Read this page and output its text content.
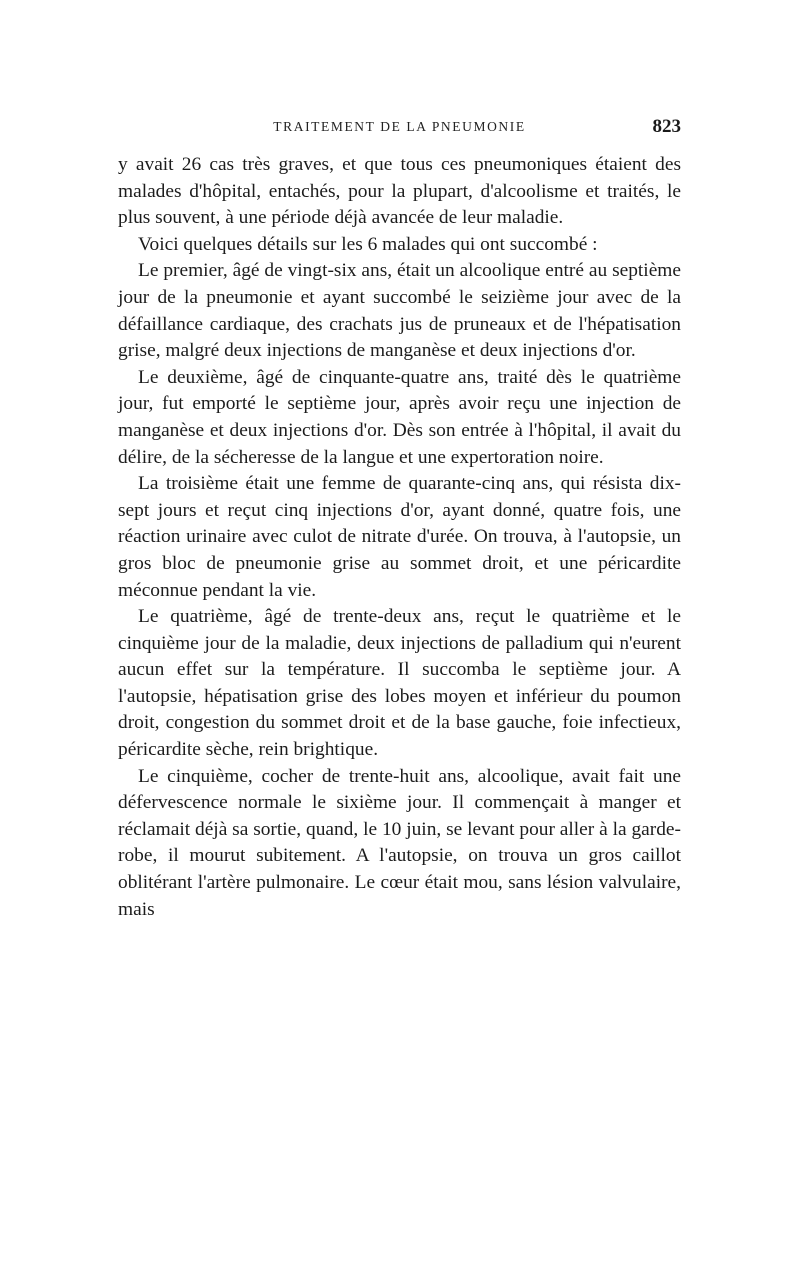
TRAITEMENT DE LA PNEUMONIE	823

y avait 26 cas très graves, et que tous ces pneumoniques étaient des malades d'hôpital, entachés, pour la plupart, d'alcoolisme et traités, le plus souvent, à une période déjà avancée de leur maladie.

Voici quelques détails sur les 6 malades qui ont succombé :

Le premier, âgé de vingt-six ans, était un alcoolique entré au septième jour de la pneumonie et ayant succombé le seizième jour avec de la défaillance cardiaque, des crachats jus de pruneaux et de l'hépatisation grise, malgré deux injections de manganèse et deux injections d'or.

Le deuxième, âgé de cinquante-quatre ans, traité dès le quatrième jour, fut emporté le septième jour, après avoir reçu une injection de manganèse et deux injections d'or. Dès son entrée à l'hôpital, il avait du délire, de la sécheresse de la langue et une expertoration noire.

La troisième était une femme de quarante-cinq ans, qui résista dix-sept jours et reçut cinq injections d'or, ayant donné, quatre fois, une réaction urinaire avec culot de nitrate d'urée. On trouva, à l'autopsie, un gros bloc de pneumonie grise au sommet droit, et une péricardite méconnue pendant la vie.

Le quatrième, âgé de trente-deux ans, reçut le quatrième et le cinquième jour de la maladie, deux injections de palladium qui n'eurent aucun effet sur la température. Il succomba le septième jour. A l'autopsie, hépatisation grise des lobes moyen et inférieur du poumon droit, congestion du sommet droit et de la base gauche, foie infectieux, péricardite sèche, rein brightique.

Le cinquième, cocher de trente-huit ans, alcoolique, avait fait une défervescence normale le sixième jour. Il commençait à manger et réclamait déjà sa sortie, quand, le 10 juin, se levant pour aller à la garde-robe, il mourut subitement. A l'autopsie, on trouva un gros caillot oblitérant l'artère pulmonaire. Le cœur était mou, sans lésion valvulaire, mais
